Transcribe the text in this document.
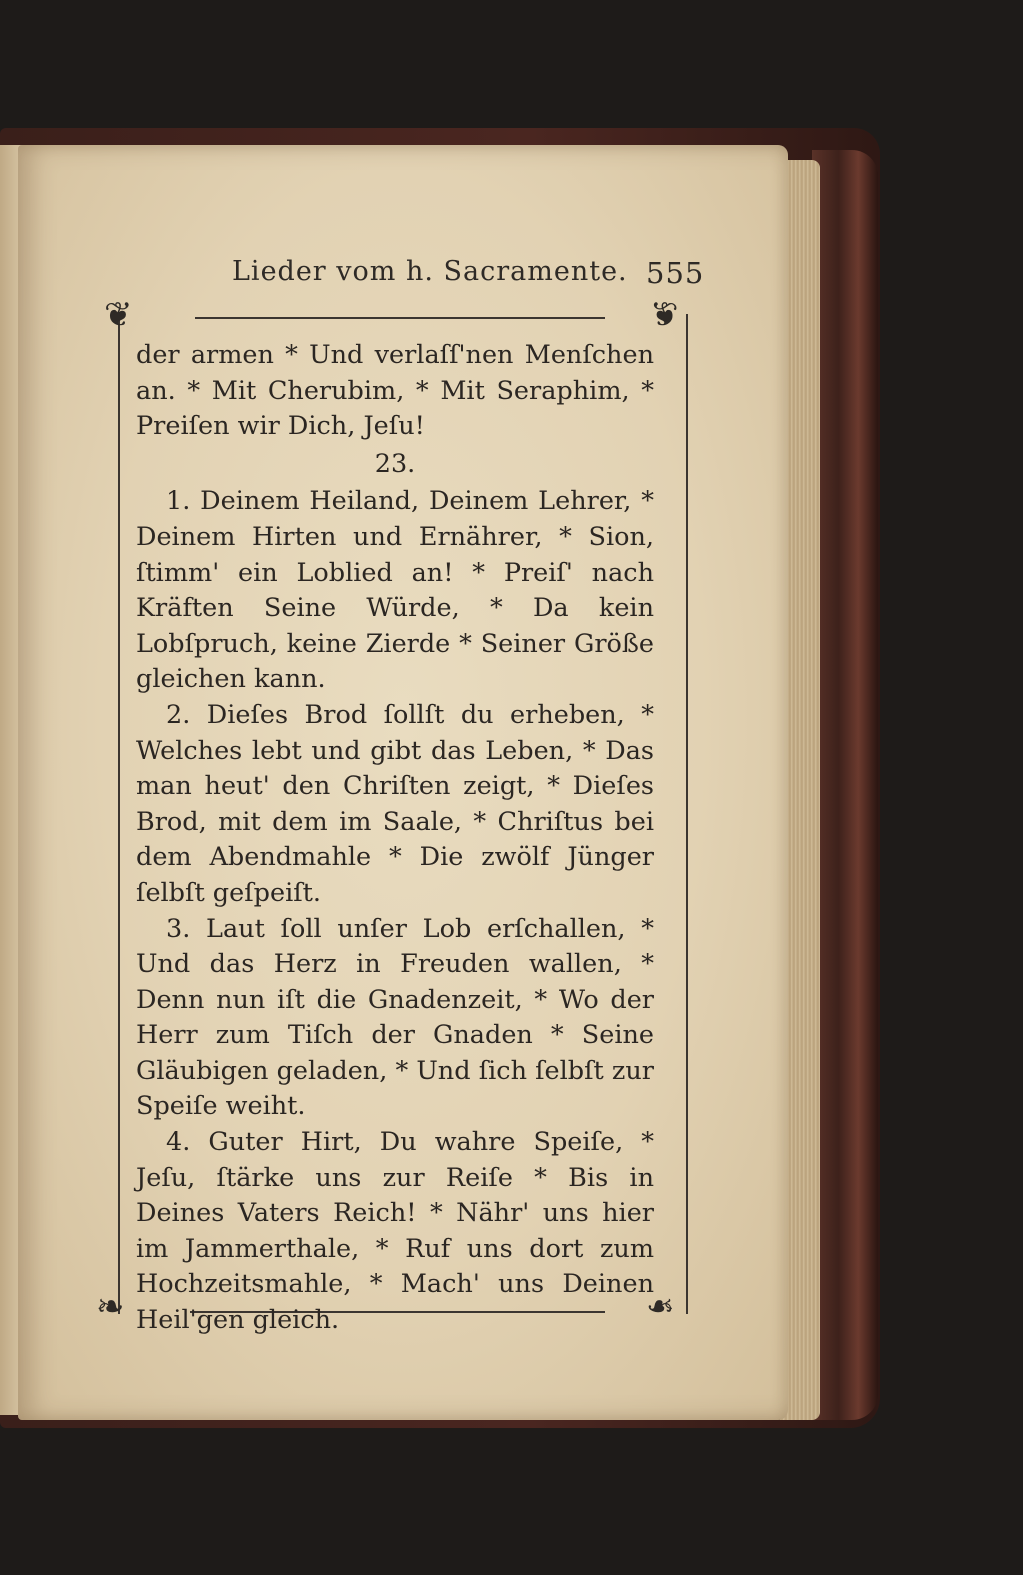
Lieder vom h. Sacramente. 555
❦	❦
❧	❧

der armen * Und verlaſſ'nen Menſchen an. * Mit Cherubim, * Mit Seraphim, * Preiſen wir Dich, Jeſu!

23.

1. Deinem Heiland, Deinem Lehrer, * Deinem Hirten und Ernährer, * Sion, ſtimm' ein Loblied an! * Preiſ' nach Kräften Seine Würde, * Da kein Lobſpruch, keine Zierde * Seiner Größe gleichen kann.

2. Dieſes Brod ſollſt du erheben, * Welches lebt und gibt das Leben, * Das man heut' den Chriſten zeigt, * Dieſes Brod, mit dem im Saale, * Chriſtus bei dem Abendmahle * Die zwölf Jünger ſelbſt geſpeiſt.

3. Laut ſoll unſer Lob erſchallen, * Und das Herz in Freuden wallen, * Denn nun iſt die Gnadenzeit, * Wo der Herr zum Tiſch der Gnaden * Seine Gläubigen geladen, * Und ſich ſelbſt zur Speiſe weiht.

4. Guter Hirt, Du wahre Speiſe, * Jeſu, ſtärke uns zur Reiſe * Bis in Deines Vaters Reich! * Nähr' uns hier im Jammerthale, * Ruf uns dort zum Hochzeitsmahle, * Mach' uns Deinen Heil'gen gleich.
